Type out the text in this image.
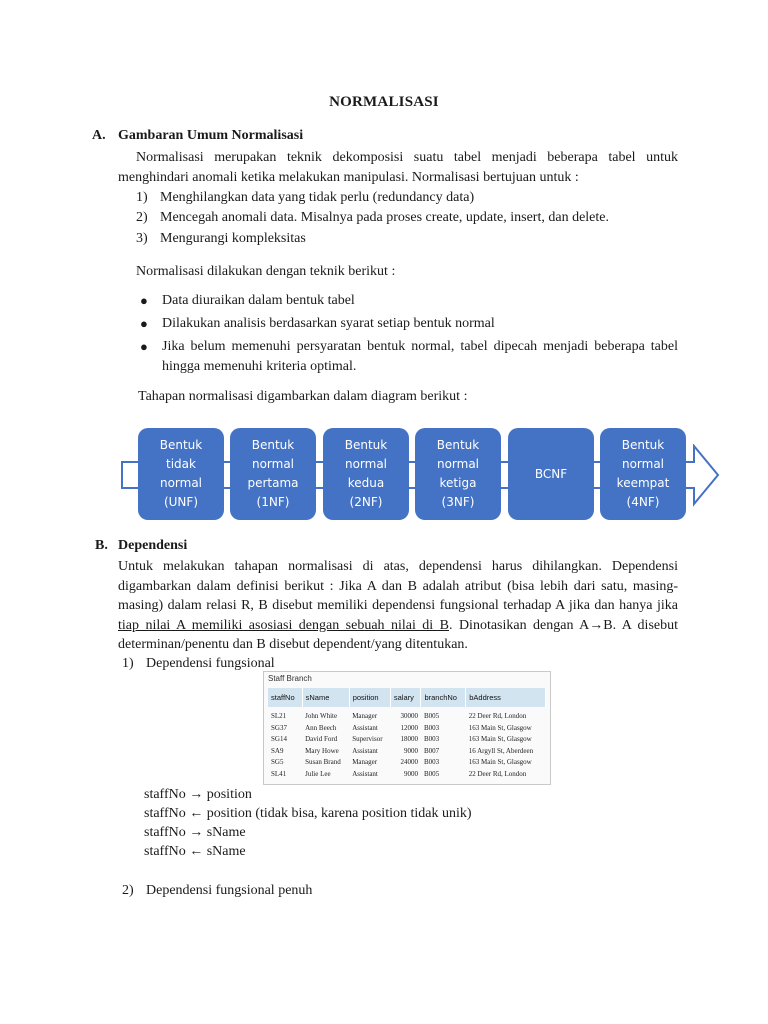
NORMALISASI
A. Gambaran Umum Normalisasi
Normalisasi merupakan teknik dekomposisi suatu tabel menjadi beberapa tabel untuk menghindari anomali ketika melakukan manipulasi. Normalisasi bertujuan untuk :
1) Menghilangkan data yang tidak perlu (redundancy data)
2) Mencegah anomali data. Misalnya pada proses create, update, insert, dan delete.
3) Mengurangi kompleksitas
Normalisasi dilakukan dengan teknik berikut :
● Data diuraikan dalam bentuk tabel
● Dilakukan analisis berdasarkan syarat setiap bentuk normal
● Jika belum memenuhi persyaratan bentuk normal, tabel dipecah menjadi beberapa tabel hingga memenuhi kriteria optimal.
Tahapan normalisasi digambarkan dalam diagram berikut :
Bentuk
tidak
normal
(UNF)
Bentuk
normal
pertama
(1NF)
Bentuk
normal
kedua
(2NF)
Bentuk
normal
ketiga
(3NF)
BCNF
Bentuk
normal
keempat
(4NF)
B. Dependensi
Untuk melakukan tahapan normalisasi di atas, dependensi harus dihilangkan. Dependensi digambarkan dalam definisi berikut : Jika A dan B adalah atribut (bisa lebih dari satu, masing-masing) dalam relasi R, B disebut memiliki dependensi fungsional terhadap A jika dan hanya jika tiap nilai A memiliki asosiasi dengan sebuah nilai di B. Dinotasikan dengan A→B. A disebut determinan/penentu dan B disebut dependent/yang ditentukan.
1) Dependensi fungsional
Staff Branch
staffNo	sName	position	salary	branchNo	bAddress
SL21	John White	Manager	30000	B005	22 Deer Rd, London
SG37	Ann Beech	Assistant	12000	B003	163 Main St, Glasgow
SG14	David Ford	Supervisor	18000	B003	163 Main St, Glasgow
SA9	Mary Howe	Assistant	9000	B007	16 Argyll St, Aberdeen
SG5	Susan Brand	Manager	24000	B003	163 Main St, Glasgow
SL41	Julie Lee	Assistant	9000	B005	22 Deer Rd, London
staffNo → position
staffNo ← position (tidak bisa, karena position tidak unik)
staffNo → sName
staffNo ← sName
2) Dependensi fungsional penuh
